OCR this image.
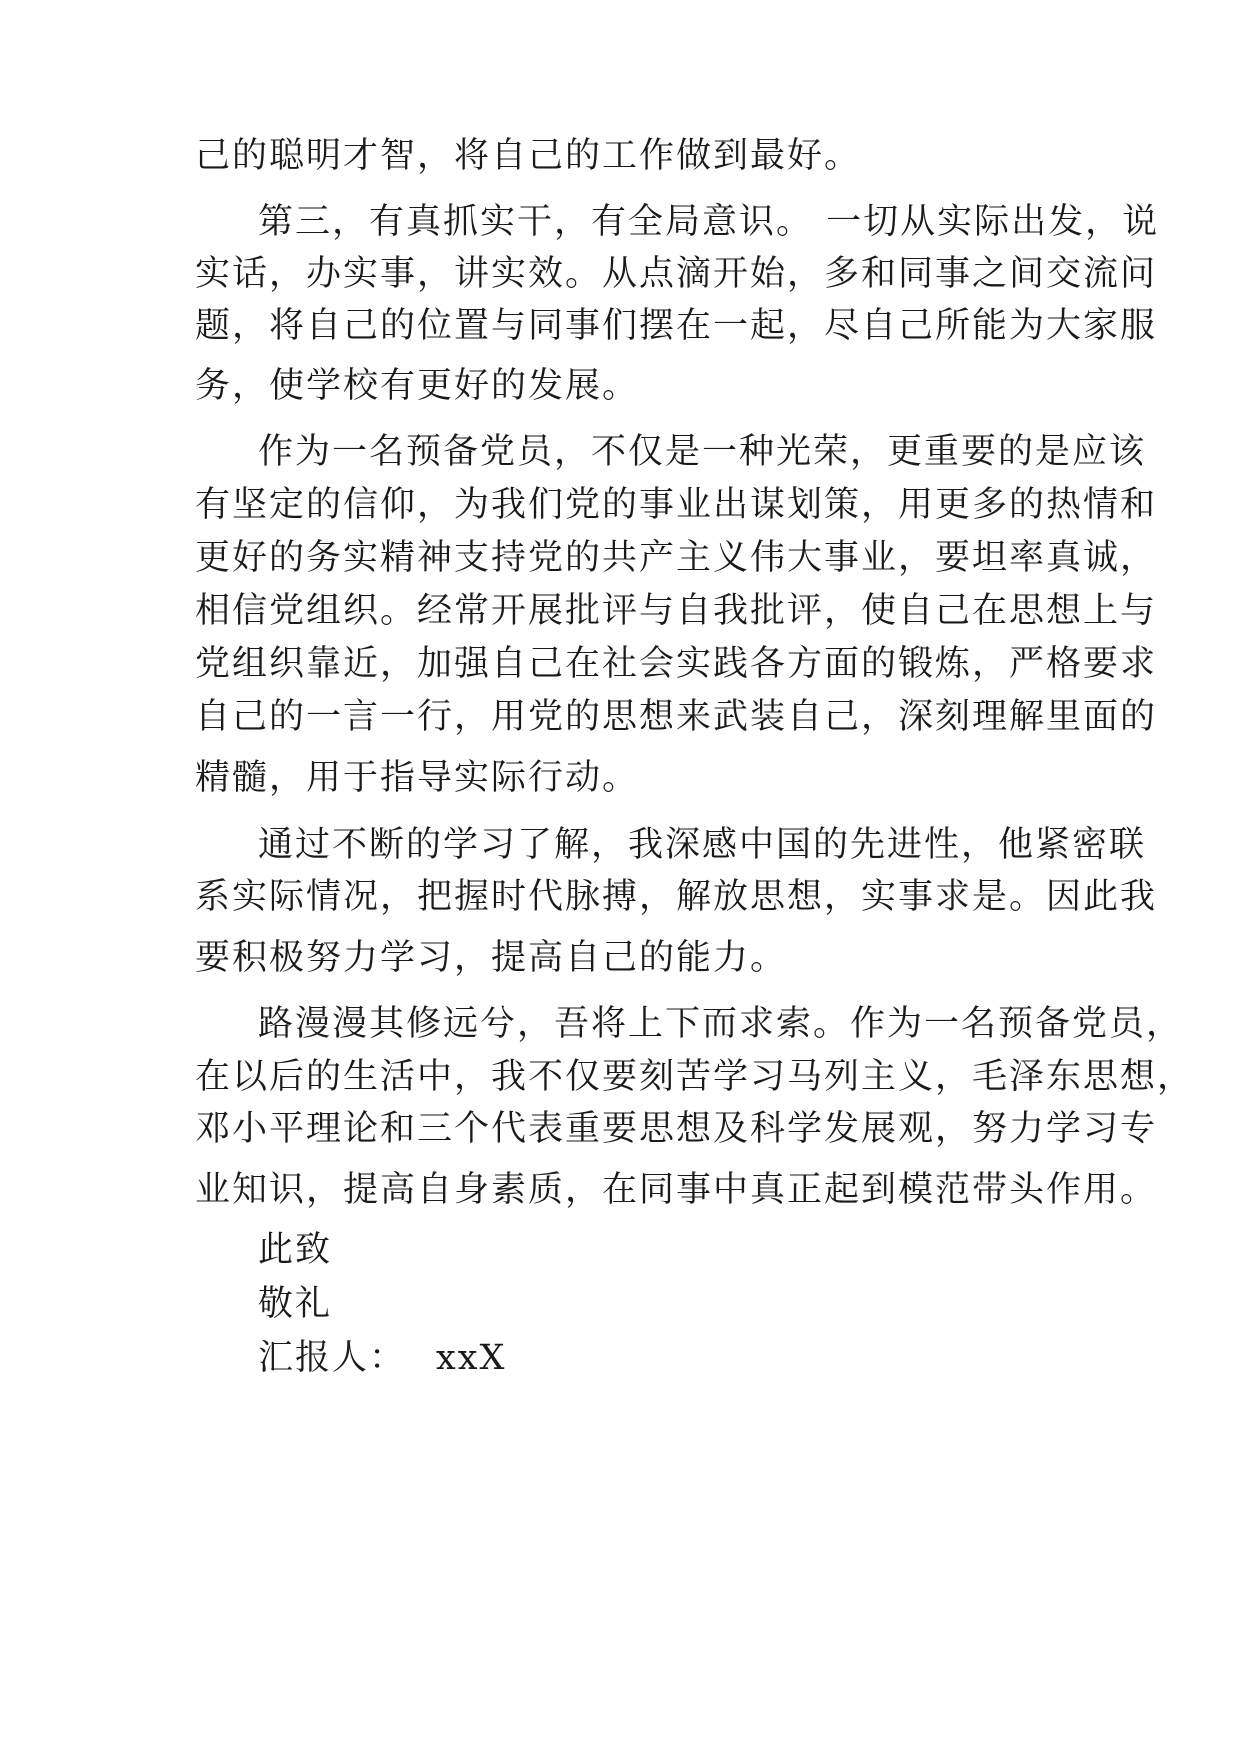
己的聪明才智，将自己的工作做到最好。

第三，有真抓实干，有全局意识。 一切从实际出发，说

实话，办实事，讲实效。从点滴开始，多和同事之间交流问

题，将自己的位置与同事们摆在一起，尽自己所能为大家服

务，使学校有更好的发展。

作为一名预备党员，不仅是一种光荣，更重要的是应该

有坚定的信仰，为我们党的事业出谋划策，用更多的热情和

更好的务实精神支持党的共产主义伟大事业，要坦率真诚，

相信党组织。经常开展批评与自我批评，使自己在思想上与

党组织靠近，加强自己在社会实践各方面的锻炼，严格要求

自己的一言一行，用党的思想来武装自己，深刻理解里面的

精髓，用于指导实际行动。

通过不断的学习了解，我深感中国的先进性，他紧密联

系实际情况，把握时代脉搏，解放思想，实事求是。因此我

要积极努力学习，提高自己的能力。

路漫漫其修远兮，吾将上下而求索。作为一名预备党员，

在以后的生活中，我不仅要刻苦学习马列主义，毛泽东思想，

邓小平理论和三个代表重要思想及科学发展观，努力学习专

业知识，提高自身素质，在同事中真正起到模范带头作用。

此致

敬礼

汇报人： xxX
